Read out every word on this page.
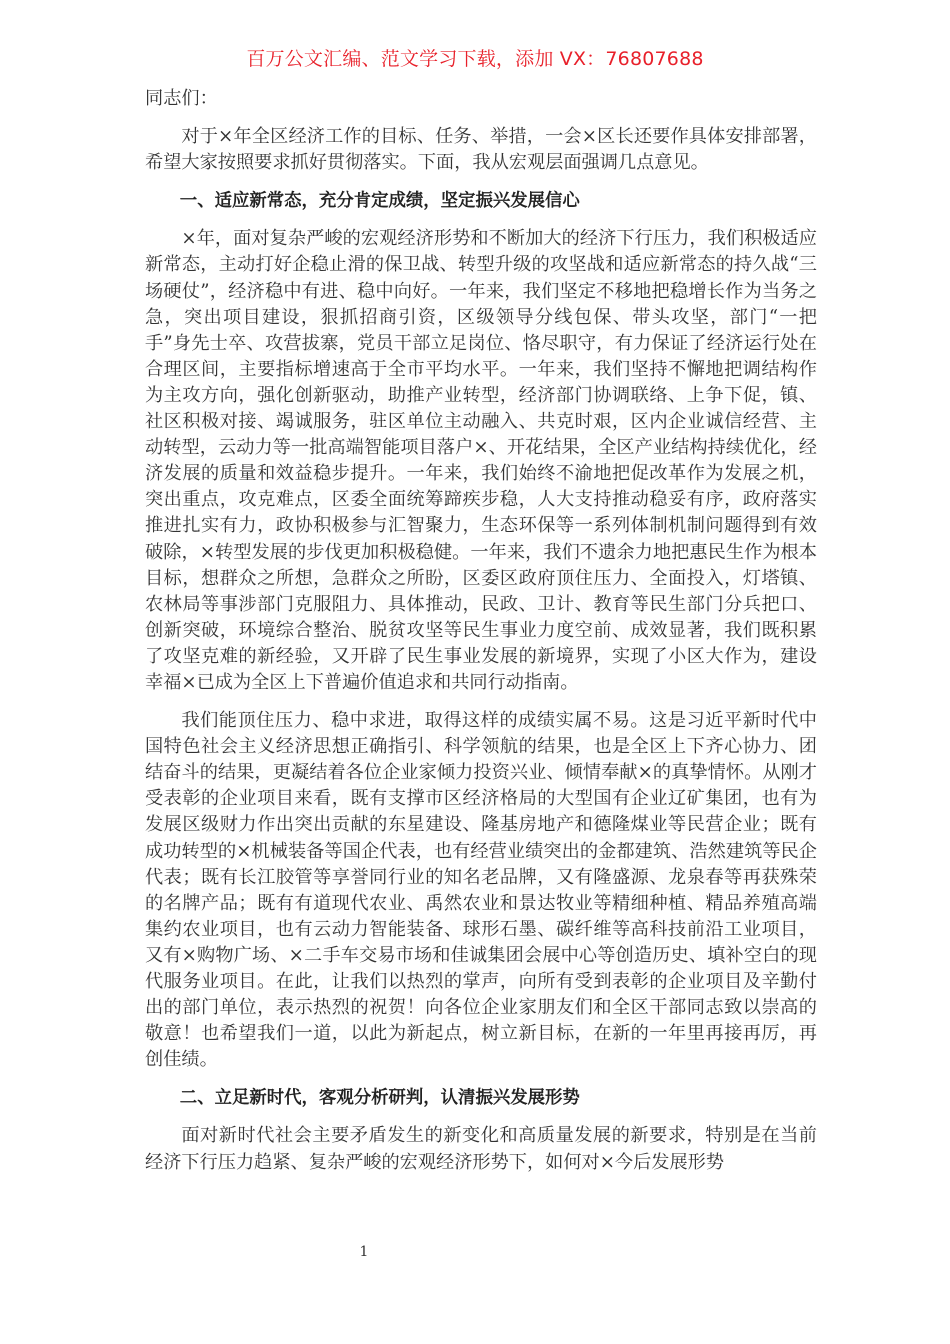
百万公文汇编、范文学习下载，添加 VX：76807688

同志们：

对于×年全区经济工作的目标、任务、举措，一会×区长还要作具体安排部署，希望大家按照要求抓好贯彻落实。下面，我从宏观层面强调几点意见。

一、适应新常态，充分肯定成绩，坚定振兴发展信心

×年，面对复杂严峻的宏观经济形势和不断加大的经济下行压力，我们积极适应新常态，主动打好企稳止滑的保卫战、转型升级的攻坚战和适应新常态的持久战“三场硬仗”，经济稳中有进、稳中向好。一年来，我们坚定不移地把稳增长作为当务之急，突出项目建设，狠抓招商引资，区级领导分线包保、带头攻坚，部门“一把手”身先士卒、攻营拔寨，党员干部立足岗位、恪尽职守，有力保证了经济运行处在合理区间，主要指标增速高于全市平均水平。一年来，我们坚持不懈地把调结构作为主攻方向，强化创新驱动，助推产业转型，经济部门协调联络、上争下促，镇、社区积极对接、竭诚服务，驻区单位主动融入、共克时艰，区内企业诚信经营、主动转型，云动力等一批高端智能项目落户×、开花结果，全区产业结构持续优化，经济发展的质量和效益稳步提升。一年来，我们始终不渝地把促改革作为发展之机，突出重点，攻克难点，区委全面统筹蹄疾步稳，人大支持推动稳妥有序，政府落实推进扎实有力，政协积极参与汇智聚力，生态环保等一系列体制机制问题得到有效破除，×转型发展的步伐更加积极稳健。一年来，我们不遗余力地把惠民生作为根本目标，想群众之所想，急群众之所盼，区委区政府顶住压力、全面投入，灯塔镇、农林局等事涉部门克服阻力、具体推动，民政、卫计、教育等民生部门分兵把口、创新突破，环境综合整治、脱贫攻坚等民生事业力度空前、成效显著，我们既积累了攻坚克难的新经验，又开辟了民生事业发展的新境界，实现了小区大作为，建设幸福×已成为全区上下普遍价值追求和共同行动指南。

我们能顶住压力、稳中求进，取得这样的成绩实属不易。这是习近平新时代中国特色社会主义经济思想正确指引、科学领航的结果，也是全区上下齐心协力、团结奋斗的结果，更凝结着各位企业家倾力投资兴业、倾情奉献×的真挚情怀。从刚才受表彰的企业项目来看，既有支撑市区经济格局的大型国有企业辽矿集团，也有为发展区级财力作出突出贡献的东星建设、隆基房地产和德隆煤业等民营企业；既有成功转型的×机械装备等国企代表，也有经营业绩突出的金都建筑、浩然建筑等民企代表；既有长江胶管等享誉同行业的知名老品牌，又有隆盛源、龙泉春等再获殊荣的名牌产品；既有有道现代农业、禹然农业和景达牧业等精细种植、精品养殖高端集约农业项目，也有云动力智能装备、球形石墨、碳纤维等高科技前沿工业项目，又有×购物广场、×二手车交易市场和佳诚集团会展中心等创造历史、填补空白的现代服务业项目。在此，让我们以热烈的掌声，向所有受到表彰的企业项目及辛勤付出的部门单位，表示热烈的祝贺！向各位企业家朋友们和全区干部同志致以崇高的敬意！也希望我们一道，以此为新起点，树立新目标，在新的一年里再接再厉，再创佳绩。

二、立足新时代，客观分析研判，认清振兴发展形势

面对新时代社会主要矛盾发生的新变化和高质量发展的新要求，特别是在当前经济下行压力趋紧、复杂严峻的宏观经济形势下，如何对×今后发展形势

1
